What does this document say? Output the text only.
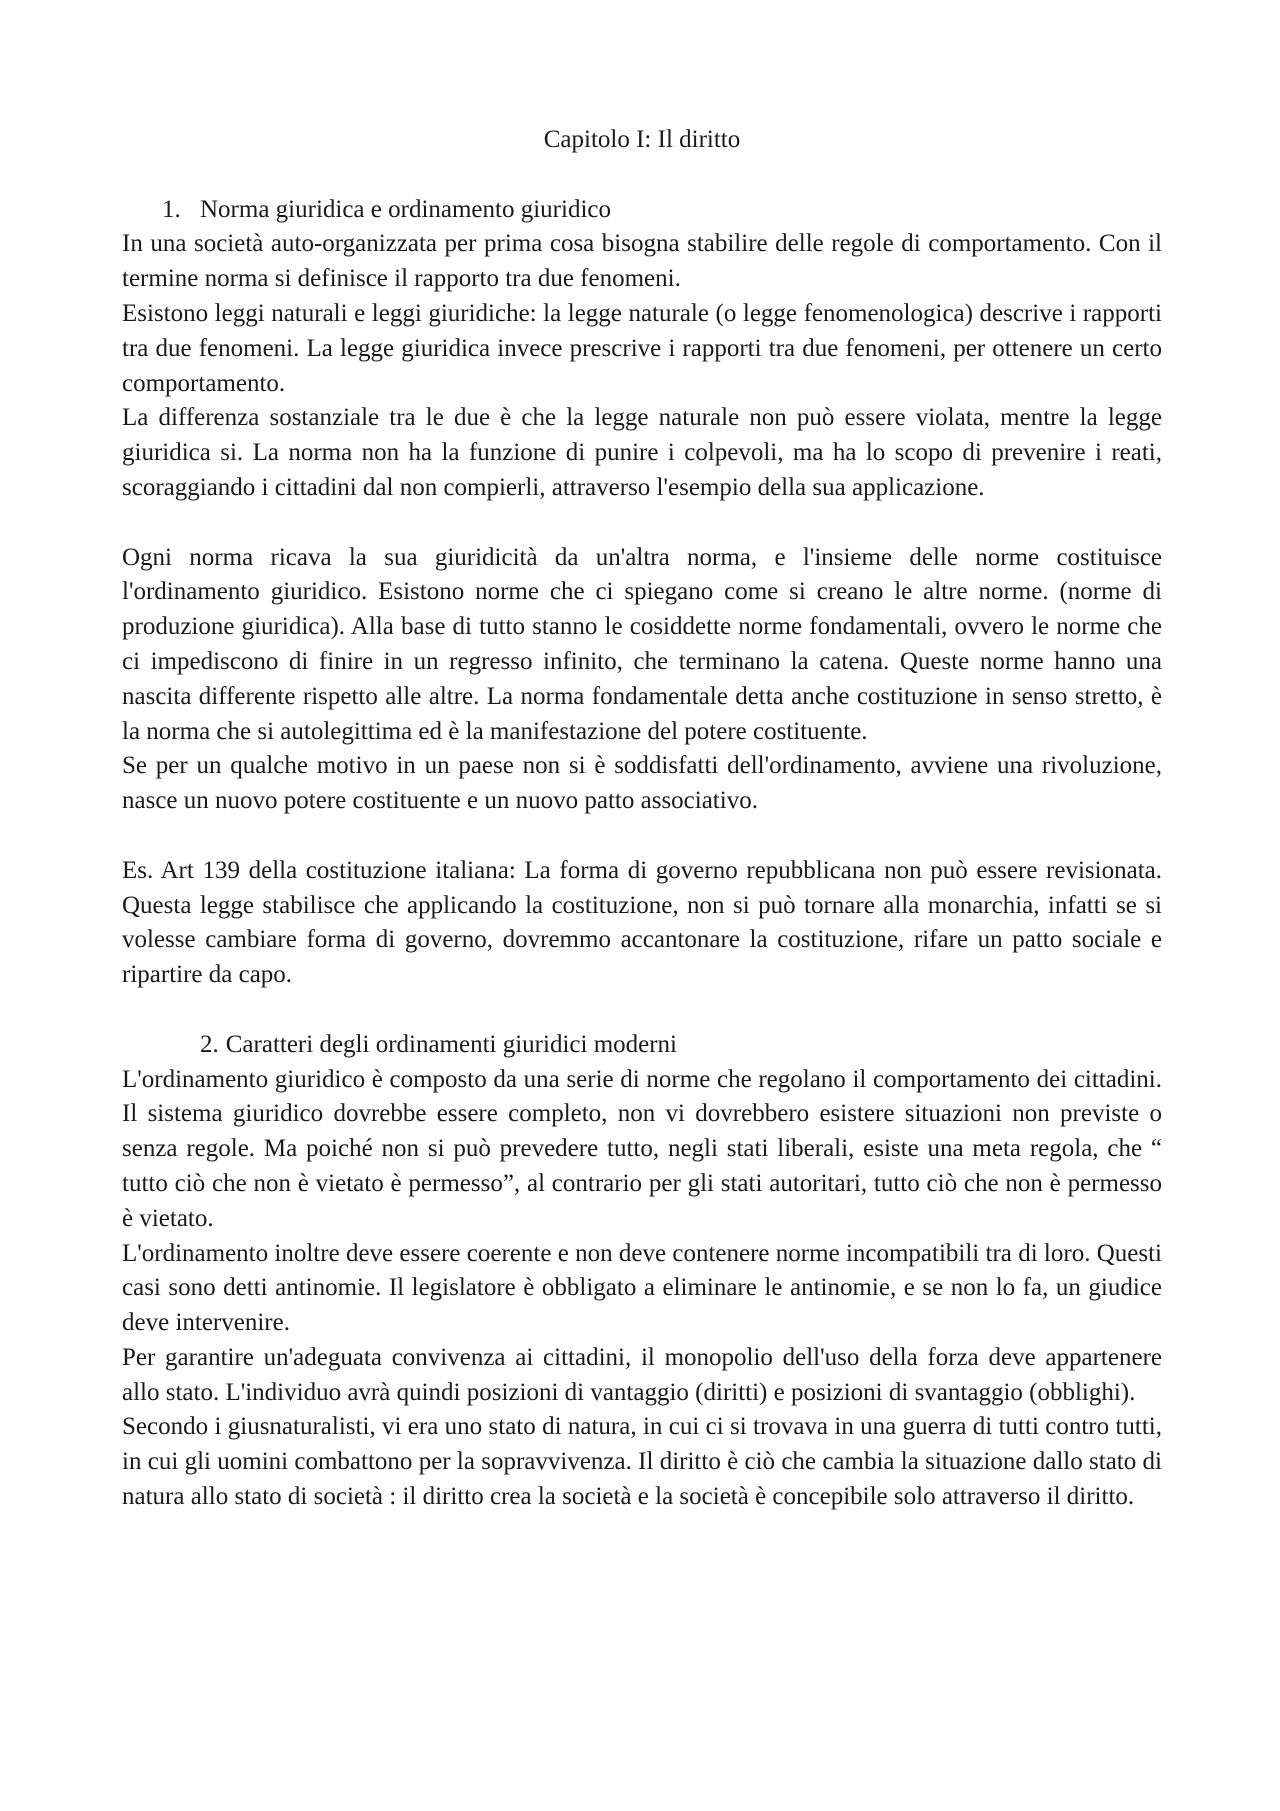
Capitolo I: Il diritto

1. Norma giuridica e ordinamento giuridico

In una società auto-organizzata per prima cosa bisogna stabilire delle regole di comportamento. Con il termine norma si definisce il rapporto tra due fenomeni.

Esistono leggi naturali e leggi giuridiche: la legge naturale (o legge fenomenologica) descrive i rapporti tra due fenomeni. La legge giuridica invece prescrive i rapporti tra due fenomeni, per ottenere un certo comportamento.

La differenza sostanziale tra le due è che la legge naturale non può essere violata, mentre la legge giuridica si. La norma non ha la funzione di punire i colpevoli, ma ha lo scopo di prevenire i reati, scoraggiando i cittadini dal non compierli, attraverso l'esempio della sua applicazione.

Ogni norma ricava la sua giuridicità da un'altra norma, e l'insieme delle norme costituisce l'ordinamento giuridico. Esistono norme che ci spiegano come si creano le altre norme. (norme di produzione giuridica). Alla base di tutto stanno le cosiddette norme fondamentali, ovvero le norme che ci impediscono di finire in un regresso infinito, che terminano la catena. Queste norme hanno una nascita differente rispetto alle altre. La norma fondamentale detta anche costituzione in senso stretto, è la norma che si autolegittima ed è la manifestazione del potere costituente.

Se per un qualche motivo in un paese non si è soddisfatti dell'ordinamento, avviene una rivoluzione, nasce un nuovo potere costituente e un nuovo patto associativo.

Es. Art 139 della costituzione italiana: La forma di governo repubblicana non può essere revisionata. Questa legge stabilisce che applicando la costituzione, non si può tornare alla monarchia, infatti se si volesse cambiare forma di governo, dovremmo accantonare la costituzione, rifare un patto sociale e ripartire da capo.

2. Caratteri degli ordinamenti giuridici moderni

L'ordinamento giuridico è composto da una serie di norme che regolano il comportamento dei cittadini. Il sistema giuridico dovrebbe essere completo, non vi dovrebbero esistere situazioni non previste o senza regole. Ma poiché non si può prevedere tutto, negli stati liberali, esiste una meta regola, che “ tutto ciò che non è vietato è permesso”, al contrario per gli stati autoritari, tutto ciò che non è permesso è vietato.

L'ordinamento inoltre deve essere coerente e non deve contenere norme incompatibili tra di loro. Questi casi sono detti antinomie. Il legislatore è obbligato a eliminare le antinomie, e se non lo fa, un giudice deve intervenire.

Per garantire un'adeguata convivenza ai cittadini, il monopolio dell'uso della forza deve appartenere allo stato. L'individuo avrà quindi posizioni di vantaggio (diritti) e posizioni di svantaggio (obblighi).

Secondo i giusnaturalisti, vi era uno stato di natura, in cui ci si trovava in una guerra di tutti contro tutti, in cui gli uomini combattono per la sopravvivenza. Il diritto è ciò che cambia la situazione dallo stato di natura allo stato di società : il diritto crea la società e la società è concepibile solo attraverso il diritto.
